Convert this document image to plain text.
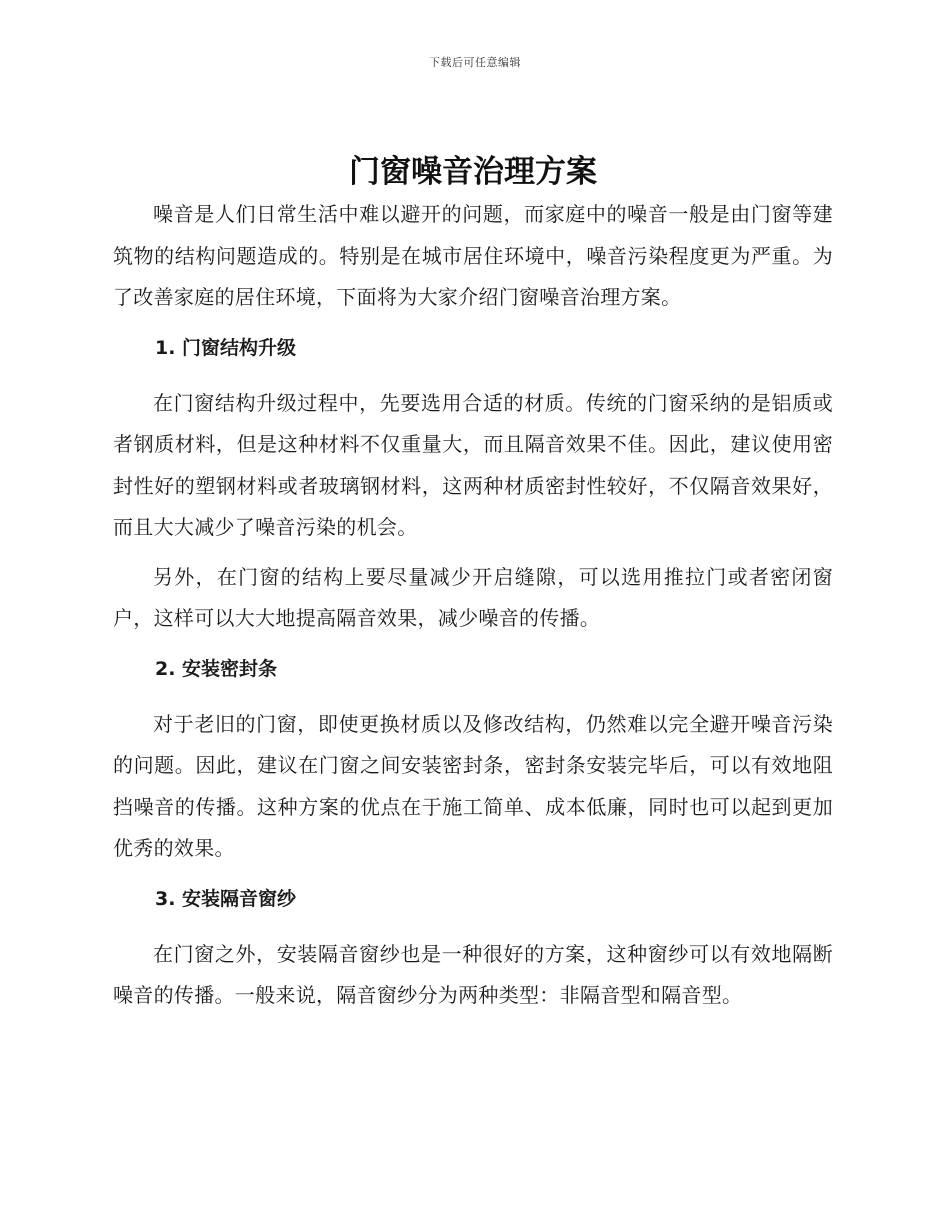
下载后可任意编辑
门窗噪音治理方案

噪音是人们日常生活中难以避开的问题，而家庭中的噪音一般是由门窗等建筑物的结构问题造成的。特别是在城市居住环境中，噪音污染程度更为严重。为了改善家庭的居住环境，下面将为大家介绍门窗噪音治理方案。

1. 门窗结构升级

在门窗结构升级过程中，先要选用合适的材质。传统的门窗采纳的是铝质或者钢质材料，但是这种材料不仅重量大，而且隔音效果不佳。因此，建议使用密封性好的塑钢材料或者玻璃钢材料，这两种材质密封性较好，不仅隔音效果好，而且大大减少了噪音污染的机会。

另外，在门窗的结构上要尽量减少开启缝隙，可以选用推拉门或者密闭窗户，这样可以大大地提高隔音效果，减少噪音的传播。

2. 安装密封条

对于老旧的门窗，即使更换材质以及修改结构，仍然难以完全避开噪音污染的问题。因此，建议在门窗之间安装密封条，密封条安装完毕后，可以有效地阻挡噪音的传播。这种方案的优点在于施工简单、成本低廉，同时也可以起到更加优秀的效果。

3. 安装隔音窗纱

在门窗之外，安装隔音窗纱也是一种很好的方案，这种窗纱可以有效地隔断噪音的传播。一般来说，隔音窗纱分为两种类型：非隔音型和隔音型。
